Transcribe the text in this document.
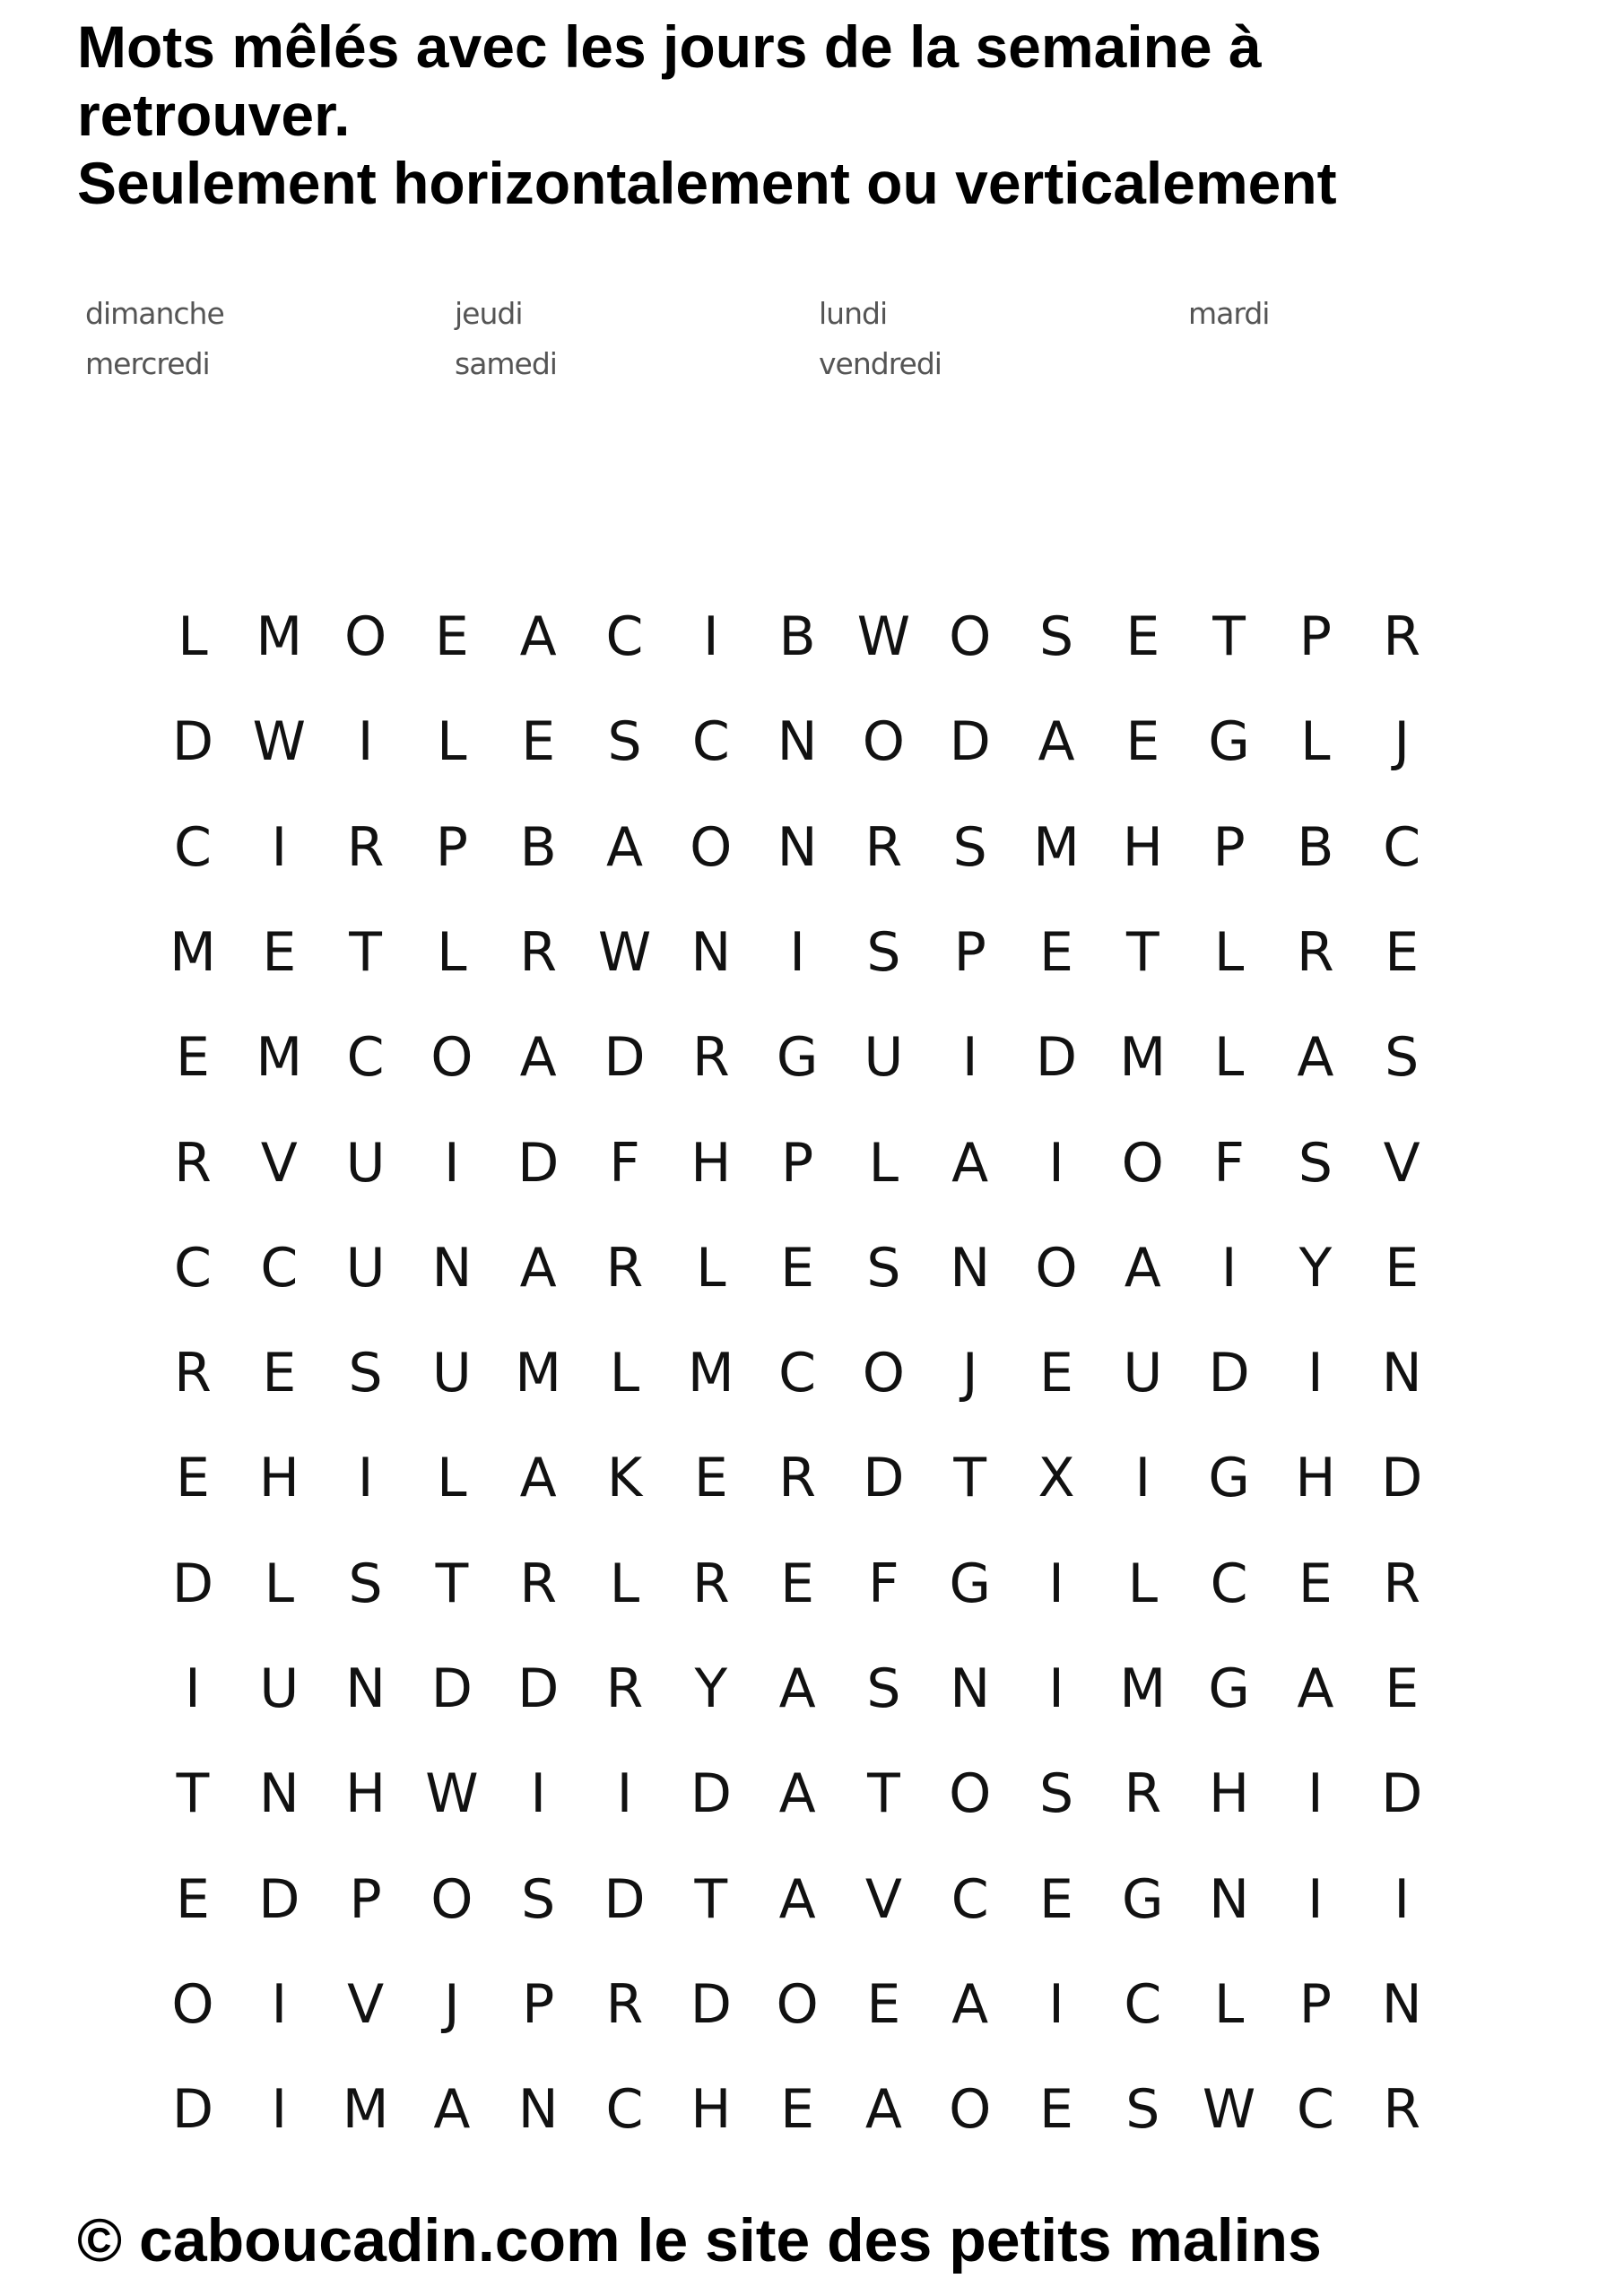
Mots mêlés avec les jours de la semaine à
retrouver.
Seulement horizontalement ou verticalement
dimanche	jeudi	lundi	mardi
mercredi	samedi	vendredi
L M O E A C	I	B W O S E T P R
D W I	L	E S C N O D A E G L	J
C	I	R P B A O N R S M H P B C
M E T	L R W N	I	S P E T	L R E
E M C O A D R G U	I	D M L A S
R V U	I	D F H P	L A	I	O F S V
C C U N A R L	E S N O A	I	Y E
R E S U M L M C O	J	E U D	I	N
E H	I	L A K E R D T X	I	G H D
D L	S T R L R E F G	I	L C E R
I	U N D D R Y A S N	I	M G A E
T N H W I	I	D A T O S R H	I	D
E D P O S D T A V C E G N	I	I
O	I	V	J	P R D O E A	I	C L	P N
D	I	M A N C H E A O E S W C R

© caboucadin.com le site des petits malins
